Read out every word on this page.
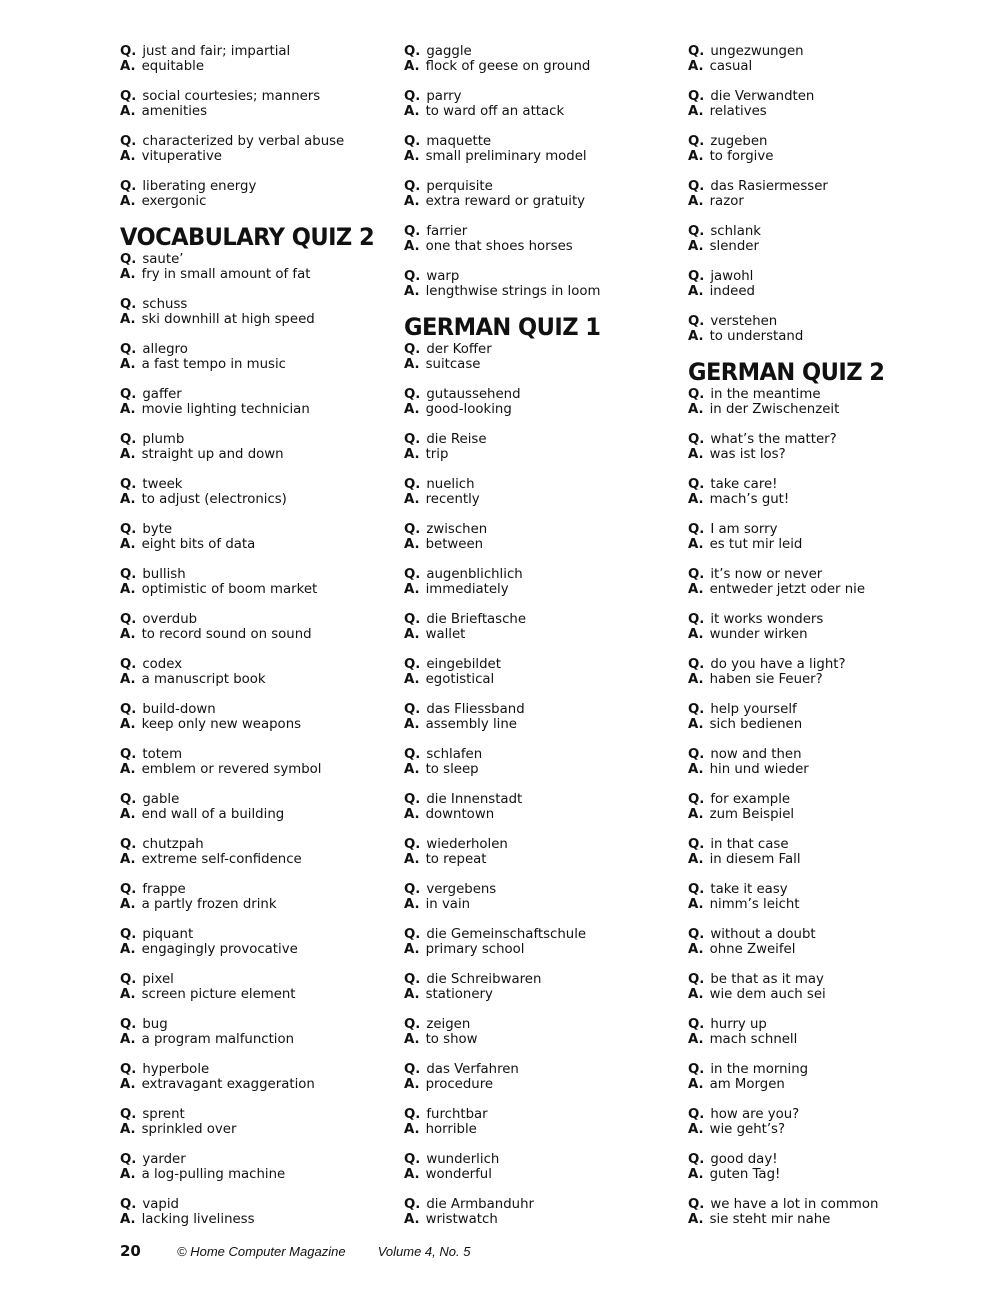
Q. just and fair; impartial
A. equitable
Q. social courtesies; manners
A. amenities
Q. characterized by verbal abuse
A. vituperative
Q. liberating energy
A. exergonic
VOCABULARY QUIZ 2
Q. saute’
A. fry in small amount of fat
Q. schuss
A. ski downhill at high speed
Q. allegro
A. a fast tempo in music
Q. gaffer
A. movie lighting technician
Q. plumb
A. straight up and down
Q. tweek
A. to adjust (electronics)
Q. byte
A. eight bits of data
Q. bullish
A. optimistic of boom market
Q. overdub
A. to record sound on sound
Q. codex
A. a manuscript book
Q. build-down
A. keep only new weapons
Q. totem
A. emblem or revered symbol
Q. gable
A. end wall of a building
Q. chutzpah
A. extreme self-confidence
Q. frappe
A. a partly frozen drink
Q. piquant
A. engagingly provocative
Q. pixel
A. screen picture element
Q. bug
A. a program malfunction
Q. hyperbole
A. extravagant exaggeration
Q. sprent
A. sprinkled over
Q. yarder
A. a log-pulling machine
Q. vapid
A. lacking liveliness
Q. gaggle
A. flock of geese on ground
Q. parry
A. to ward off an attack
Q. maquette
A. small preliminary model
Q. perquisite
A. extra reward or gratuity
Q. farrier
A. one that shoes horses
Q. warp
A. lengthwise strings in loom
GERMAN QUIZ 1
Q. der Koffer
A. suitcase
Q. gutaussehend
A. good-looking
Q. die Reise
A. trip
Q. nuelich
A. recently
Q. zwischen
A. between
Q. augenblichlich
A. immediately
Q. die Brieftasche
A. wallet
Q. eingebildet
A. egotistical
Q. das Fliessband
A. assembly line
Q. schlafen
A. to sleep
Q. die Innenstadt
A. downtown
Q. wiederholen
A. to repeat
Q. vergebens
A. in vain
Q. die Gemeinschaftschule
A. primary school
Q. die Schreibwaren
A. stationery
Q. zeigen
A. to show
Q. das Verfahren
A. procedure
Q. furchtbar
A. horrible
Q. wunderlich
A. wonderful
Q. die Armbanduhr
A. wristwatch
Q. ungezwungen
A. casual
Q. die Verwandten
A. relatives
Q. zugeben
A. to forgive
Q. das Rasiermesser
A. razor
Q. schlank
A. slender
Q. jawohl
A. indeed
Q. verstehen
A. to understand
GERMAN QUIZ 2
Q. in the meantime
A. in der Zwischenzeit
Q. what’s the matter?
A. was ist los?
Q. take care!
A. mach’s gut!
Q. I am sorry
A. es tut mir leid
Q. it’s now or never
A. entweder jetzt oder nie
Q. it works wonders
A. wunder wirken
Q. do you have a light?
A. haben sie Feuer?
Q. help yourself
A. sich bedienen
Q. now and then
A. hin und wieder
Q. for example
A. zum Beispiel
Q. in that case
A. in diesem Fall
Q. take it easy
A. nimm’s leicht
Q. without a doubt
A. ohne Zweifel
Q. be that as it may
A. wie dem auch sei
Q. hurry up
A. mach schnell
Q. in the morning
A. am Morgen
Q. how are you?
A. wie geht’s?
Q. good day!
A. guten Tag!
Q. we have a lot in common
A. sie steht mir nahe
20	© Home Computer Magazine Volume 4, No. 5
